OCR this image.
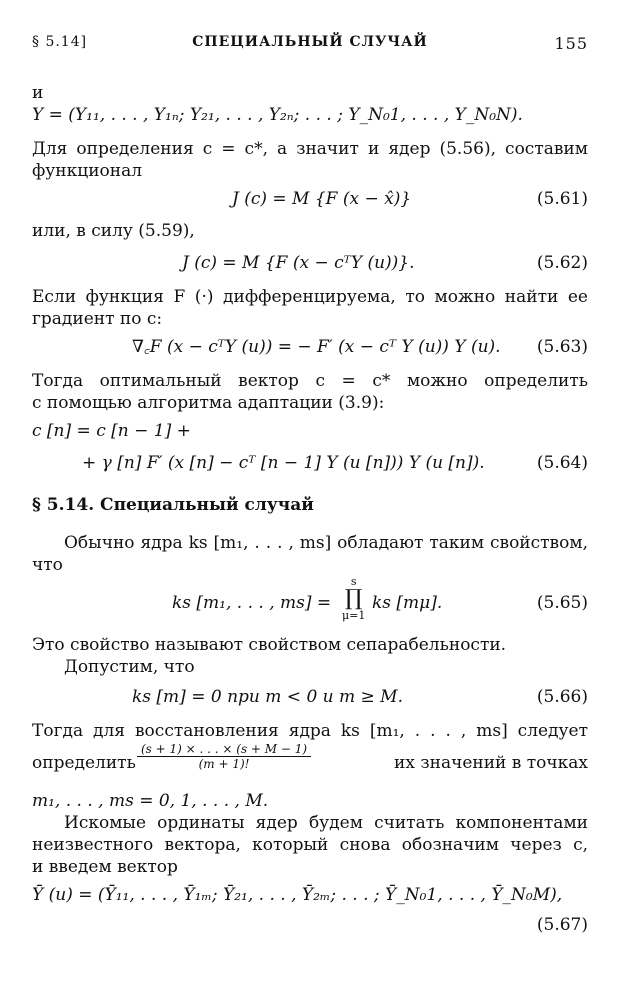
§ 5.14]	СПЕЦИАЛЬНЫЙ СЛУЧАЙ	155
и
Y = (Y₁₁, . . . , Y₁ₙ; Y₂₁, . . . , Y₂ₙ; . . . ; Y_N₀1, . . . , Y_N₀N).
Для определения c = c*, а значит и ядер (5.56), составим
функционал
J (c) = M {F (x − x̂)}	(5.61)
или, в силу (5.59),
J (c) = M {F (x − cᵀY (u))}.	(5.62)
Если функция F (·) дифференцируема, то можно найти ее
градиент по c:
∇꜀F (x − cᵀY (u)) = − F′ (x − cᵀ Y (u)) Y (u). (5.63)
Тогда оптимальный вектор c = c* можно определить
с помощью алгоритма адаптации (3.9):
c [n] = c [n − 1] +
+ γ [n] F′ (x [n] − cᵀ [n − 1] Y (u [n])) Y (u [n]).	(5.64)
§ 5.14. Специальный случай
Обычно ядра ks [m₁, . . . , ms] обладают таким свойством,
что
ks [m₁, . . . , ms] =
s
∏
μ=1
ks [mμ].	(5.65)
Это свойство называют свойством сепарабельности.
Допустим, что
ks [m] = 0 при m < 0 и m ≥ M.	(5.66)
Тогда для восстановления ядра ks [m₁, . . . , ms] следует
определить $\frac{(s + 1) \times . . . \times (s + M - 1)}{(m + 1)!}$	их значений в точках
m₁, . . . , ms = 0, 1, . . . , M.
Искомые ординаты ядер будем считать компонентами
неизвестного вектора, который снова обозначим через c,
и введем вектор
Ȳ (u) = (Ȳ₁₁, . . . , Ȳ₁ₘ; Ȳ₂₁, . . . , Ȳ₂ₘ; . . . ; Ȳ_N₀1, . . . , Ȳ_N₀M),
(5.67)
